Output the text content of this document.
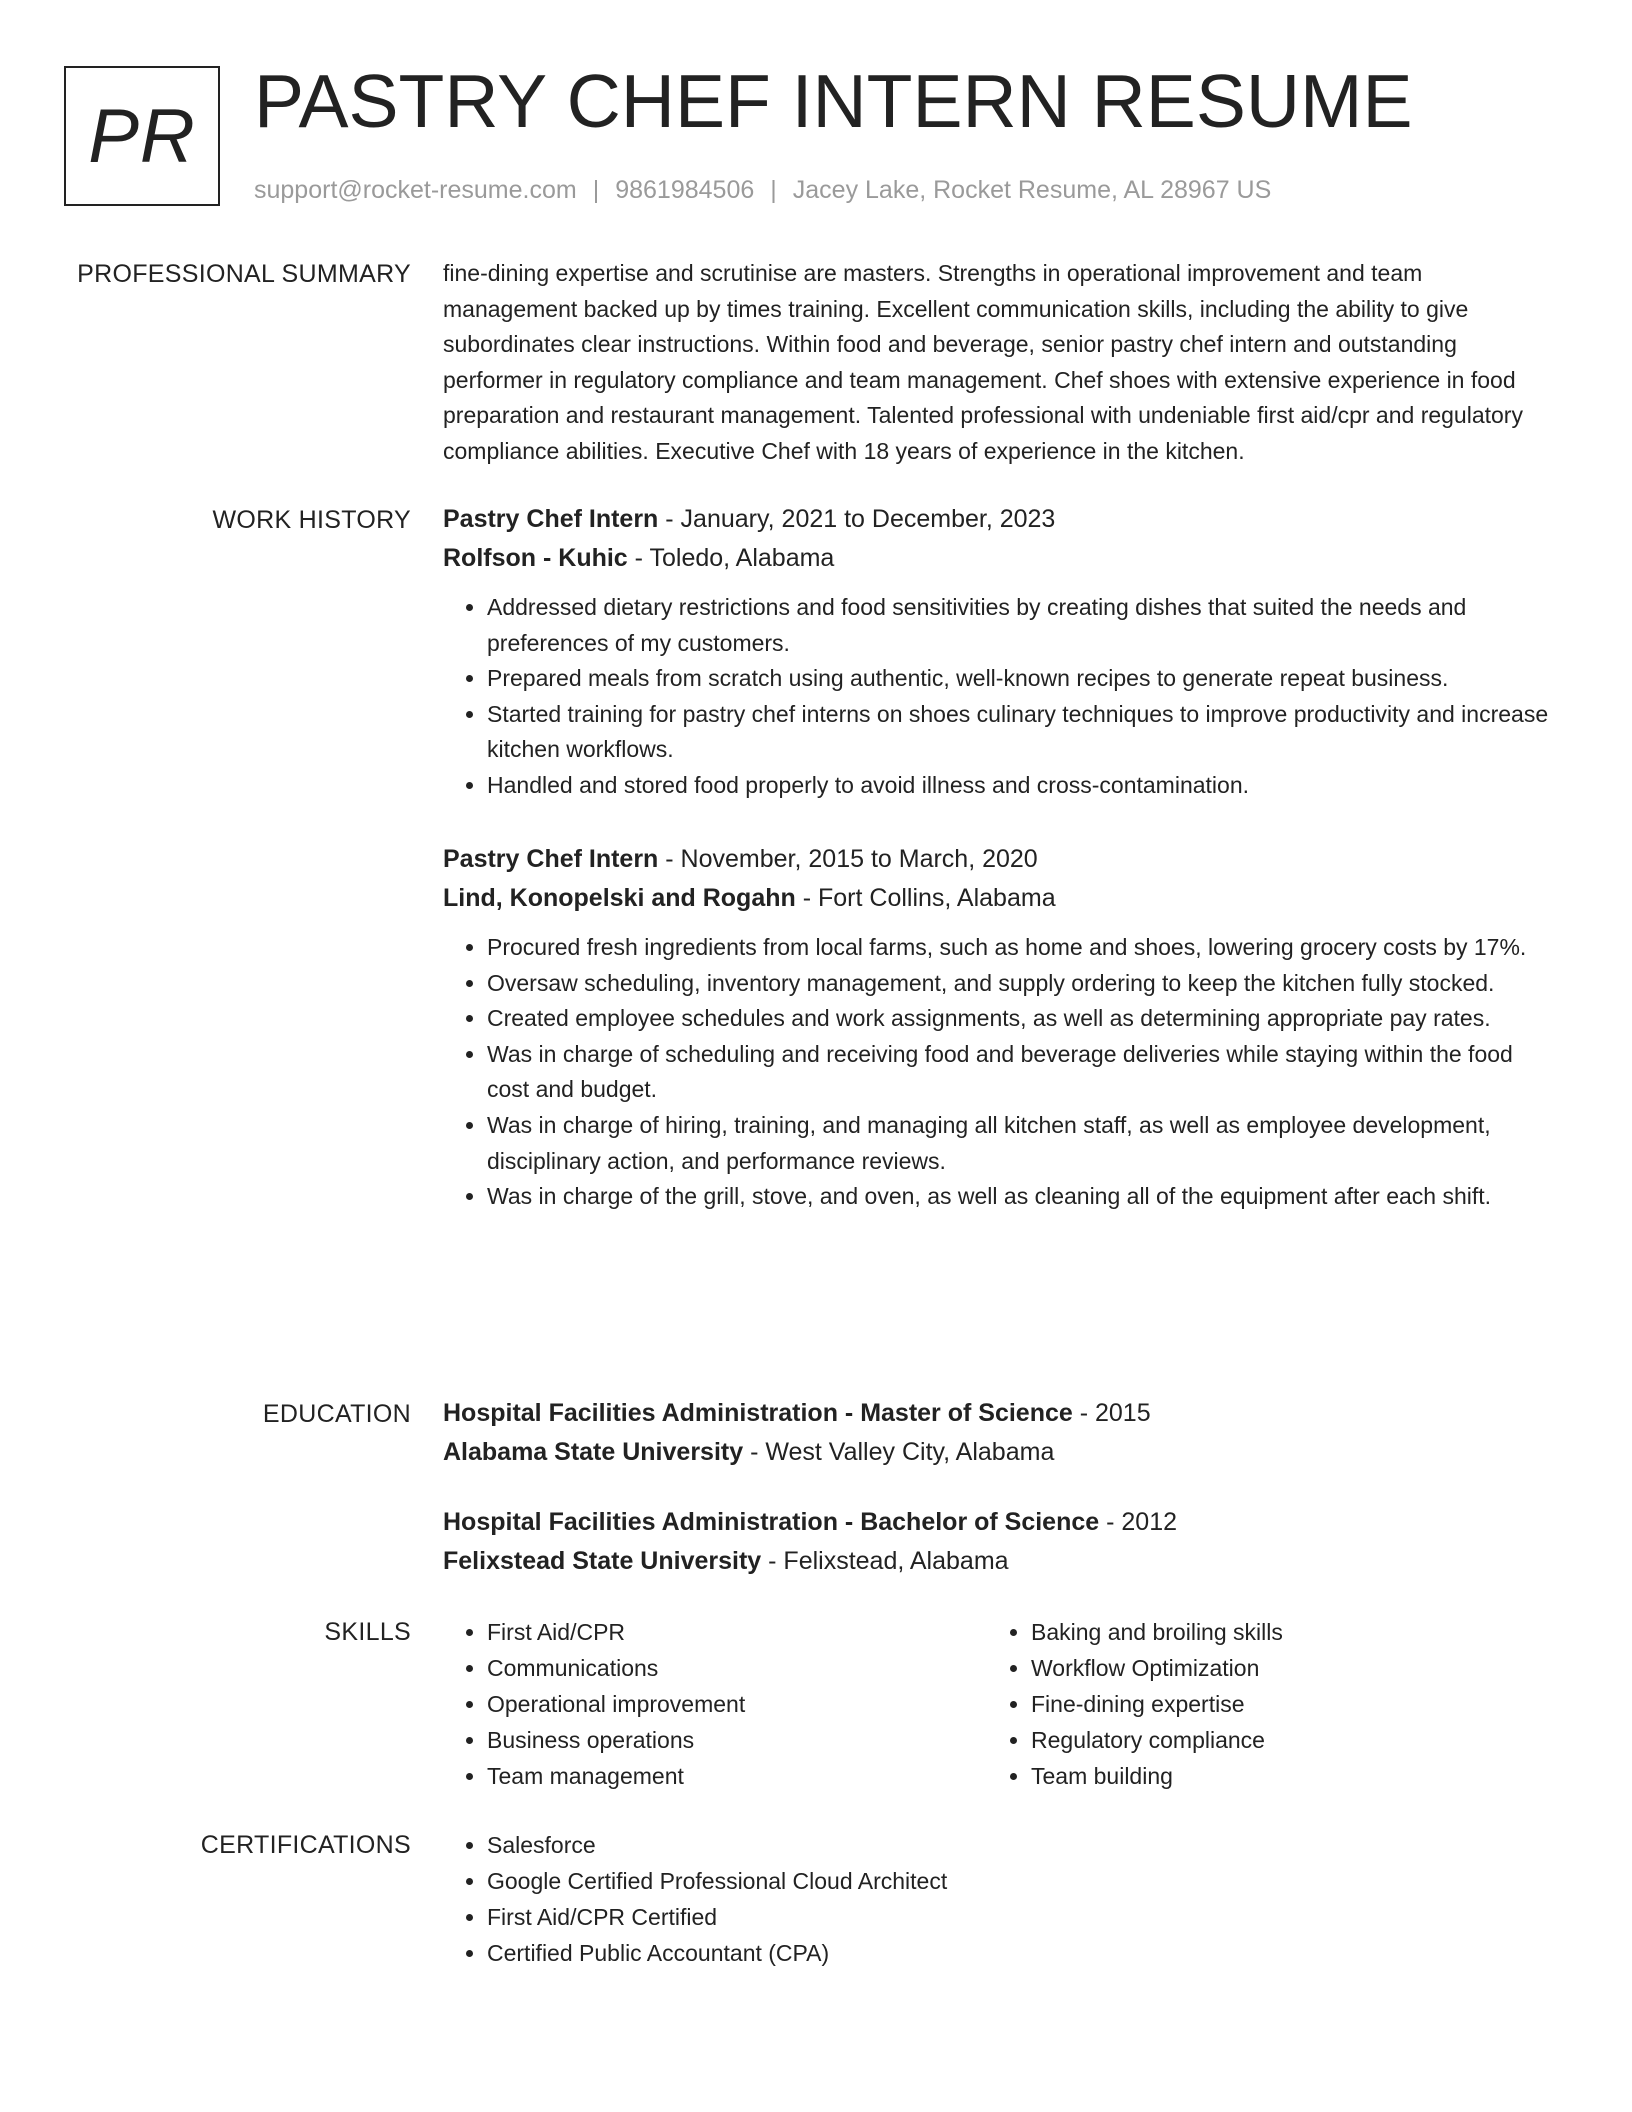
PR PASTRY CHEF INTERN RESUME
support@rocket-resume.com | 9861984506 | Jacey Lake, Rocket Resume, AL 28967 US
PROFESSIONAL SUMMARY fine-dining expertise and scrutinise are masters. Strengths in operational improvement and team management backed up by times training. Excellent communication skills, including the ability to give subordinates clear instructions. Within food and beverage, senior pastry chef intern and outstanding performer in regulatory compliance and team management. Chef shoes with extensive experience in food preparation and restaurant management. Talented professional with undeniable first aid/cpr and regulatory compliance abilities. Executive Chef with 18 years of experience in the kitchen.

WORK HISTORY Pastry Chef Intern - January, 2021 to December, 2023
Rolfson - Kuhic - Toledo, Alabama
• Addressed dietary restrictions and food sensitivities by creating dishes that suited the needs and preferences of my customers.
• Prepared meals from scratch using authentic, well-known recipes to generate repeat business.
• Started training for pastry chef interns on shoes culinary techniques to improve productivity and increase kitchen workflows.
• Handled and stored food properly to avoid illness and cross-contamination.
Pastry Chef Intern - November, 2015 to March, 2020
Lind, Konopelski and Rogahn - Fort Collins, Alabama
• Procured fresh ingredients from local farms, such as home and shoes, lowering grocery costs by 17%.
• Oversaw scheduling, inventory management, and supply ordering to keep the kitchen fully stocked.
• Created employee schedules and work assignments, as well as determining appropriate pay rates.
• Was in charge of scheduling and receiving food and beverage deliveries while staying within the food cost and budget.
• Was in charge of hiring, training, and managing all kitchen staff, as well as employee development, disciplinary action, and performance reviews.
• Was in charge of the grill, stove, and oven, as well as cleaning all of the equipment after each shift.
EDUCATION Hospital Facilities Administration - Master of Science - 2015
Alabama State University - West Valley City, Alabama
Hospital Facilities Administration - Bachelor of Science - 2012
Felixstead State University - Felixstead, Alabama
SKILLS	• First Aid/CPR
• Communications
• Operational improvement
• Business operations
• Team management
• Baking and broiling skills
• Workflow Optimization
• Fine-dining expertise
• Regulatory compliance
• Team building
CERTIFICATIONS	• Salesforce
• Google Certified Professional Cloud Architect
• First Aid/CPR Certified
• Certified Public Accountant (CPA)
